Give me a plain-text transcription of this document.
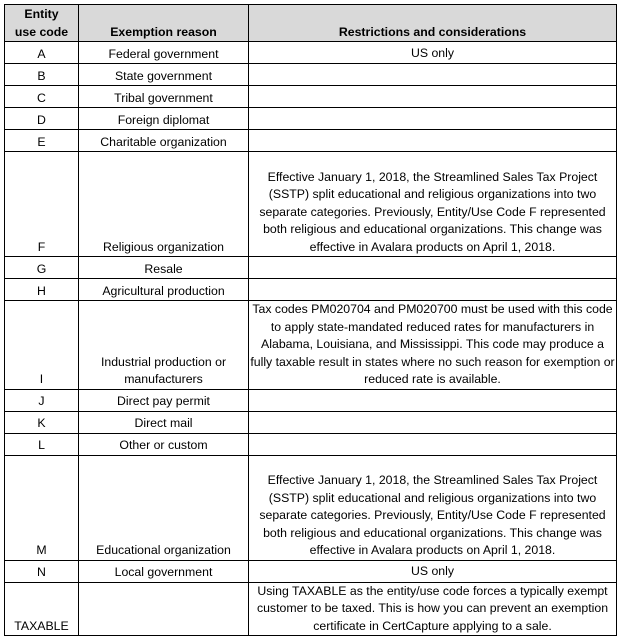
Entity
use code	Exemption reason	Restrictions and considerations
A	Federal government	US only
B	State government	
C	Tribal government	
D	Foreign diplomat	
E	Charitable organization	
F	Religious organization	Effective January 1, 2018, the Streamlined Sales Tax Project (SSTP) split educational and religious organizations into two separate categories. Previously, Entity/Use Code F represented both religious and educational organizations. This change was effective in Avalara products on April 1, 2018.
G	Resale	
H	Agricultural production	
I	Industrial production or manufacturers	Tax codes PM020704 and PM020700 must be used with this code to apply state-mandated reduced rates for manufacturers in Alabama, Louisiana, and Mississippi. This code may produce a fully taxable result in states where no such reason for exemption or reduced rate is available.
J	Direct pay permit	
K	Direct mail	
L	Other or custom	
M	Educational organization	Effective January 1, 2018, the Streamlined Sales Tax Project (SSTP) split educational and religious organizations into two separate categories. Previously, Entity/Use Code F represented both religious and educational organizations. This change was effective in Avalara products on April 1, 2018.
N	Local government	US only
TAXABLE		Using TAXABLE as the entity/use code forces a typically exempt customer to be taxed. This is how you can prevent an exemption certificate in CertCapture applying to a sale.
